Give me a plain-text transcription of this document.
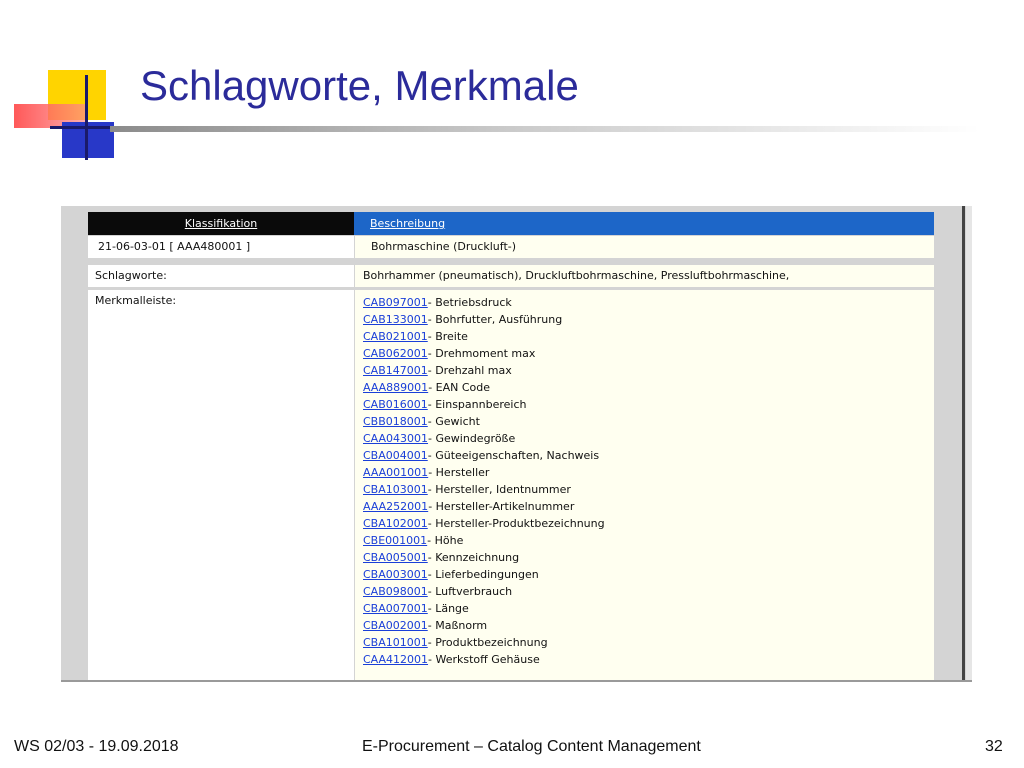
Schlagworte, Merkmale
Klassifikation	Beschreibung
21-06-03-01 [ AAA480001 ]	Bohrmaschine (Druckluft-)
Schlagworte:	Bohrhammer (pneumatisch), Druckluftbohrmaschine, Pressluftbohrmaschine,
Merkmalleiste:	CAB097001- Betriebsdruck
CAB133001- Bohrfutter, Ausführung
CAB021001- Breite
CAB062001- Drehmoment max
CAB147001- Drehzahl max
AAA889001- EAN Code
CAB016001- Einspannbereich
CBB018001- Gewicht
CAA043001- Gewindegröße
CBA004001- Güteeigenschaften, Nachweis
AAA001001- Hersteller
CBA103001- Hersteller, Identnummer
AAA252001- Hersteller-Artikelnummer
CBA102001- Hersteller-Produktbezeichnung
CBE001001- Höhe
CBA005001- Kennzeichnung
CBA003001- Lieferbedingungen
CAB098001- Luftverbrauch
CBA007001- Länge
CBA002001- Maßnorm
CBA101001- Produktbezeichnung
CAA412001- Werkstoff Gehäuse
WS 02/03 - 19.09.2018	E-Procurement – Catalog Content Management	32
